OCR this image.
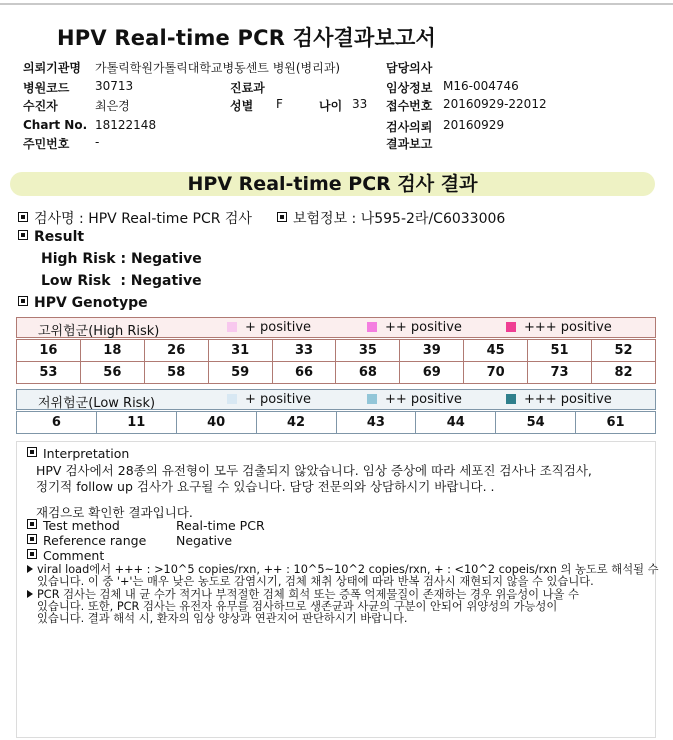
HPV Real-time PCR 검사결과보고서
의뢰기관명 가톨릭학원가톨릭대학교병동센트 병원(병리과)	담당의사
병원코드 30713	진료과	임상정보 M16-004746
수진자	최은경	성별 F	나이 33 접수번호 20160929-22012
Chart No. 18122148	검사의뢰 20160929
주민번호 -	결과보고
HPV Real-time PCR 검사 결과
검사명 : HPV Real-time PCR 검사	보험정보 : 나595-2라/C6033006
Result
High Risk : Negative
Low Risk  : Negative
HPV Genotype
고위험군(High Risk)	+ positive	++ positive	+++ positive
16	18	26	31	33	35	39	45	51	52
53	56	58	59	66	68	69	70	73	82
저위험군(Low Risk)	+ positive	++ positive	+++ positive
6	11	40	42	43	44	54	61
Interpretation
HPV 검사에서 28종의 유전형이 모두 검출되지 않았습니다. 임상 증상에 따라 세포진 검사나 조직검사,
정기적 follow up 검사가 요구될 수 있습니다. 담당 전문의와 상담하시기 바랍니다. .
재검으로 확인한 결과입니다.
Test method	Real-time PCR
Reference range Negative
Comment
viral load에서 +++ : >10^5 copies/rxn, ++ : 10^5~10^2 copies/rxn, + : <10^2 copeis/rxn 의 농도로 해석될 수
있습니다. 이 중 '+'는 매우 낮은 농도로 감염시기, 검체 채취 상태에 따라 반복 검사시 재현되지 않을 수 있습니다.
PCR 검사는 검체 내 균 수가 적거나 부적절한 검체 희석 또는 증폭 억제물질이 존재하는 경우 위음성이 나올 수
있습니다. 또한, PCR 검사는 유전자 유무를 검사하므로 생존균과 사균의 구분이 안되어 위양성의 가능성이
있습니다. 결과 해석 시, 환자의 임상 양상과 연관지어 판단하시기 바랍니다.
